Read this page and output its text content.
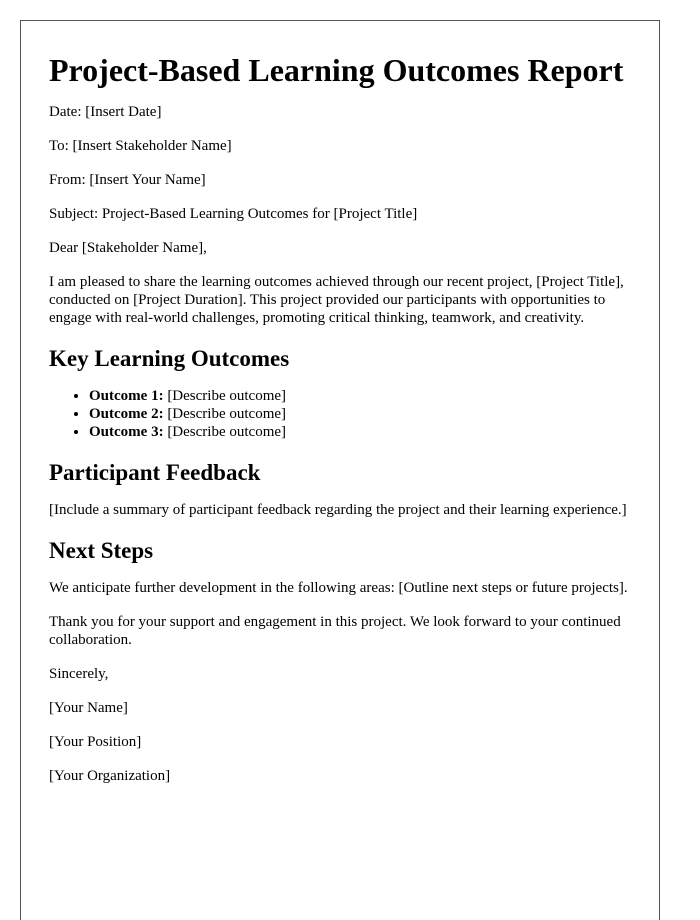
Project-Based Learning Outcomes Report

Date: [Insert Date]

To: [Insert Stakeholder Name]

From: [Insert Your Name]

Subject: Project-Based Learning Outcomes for [Project Title]

Dear [Stakeholder Name],

I am pleased to share the learning outcomes achieved through our recent project, [Project Title], conducted on [Project Duration]. This project provided our participants with opportunities to engage with real-world challenges, promoting critical thinking, teamwork, and creativity.

Key Learning Outcomes
• Outcome 1: [Describe outcome]
• Outcome 2: [Describe outcome]
• Outcome 3: [Describe outcome]
Participant Feedback

[Include a summary of participant feedback regarding the project and their learning experience.]

Next Steps

We anticipate further development in the following areas: [Outline next steps or future projects].

Thank you for your support and engagement in this project. We look forward to your continued collaboration.

Sincerely,

[Your Name]

[Your Position]

[Your Organization]
